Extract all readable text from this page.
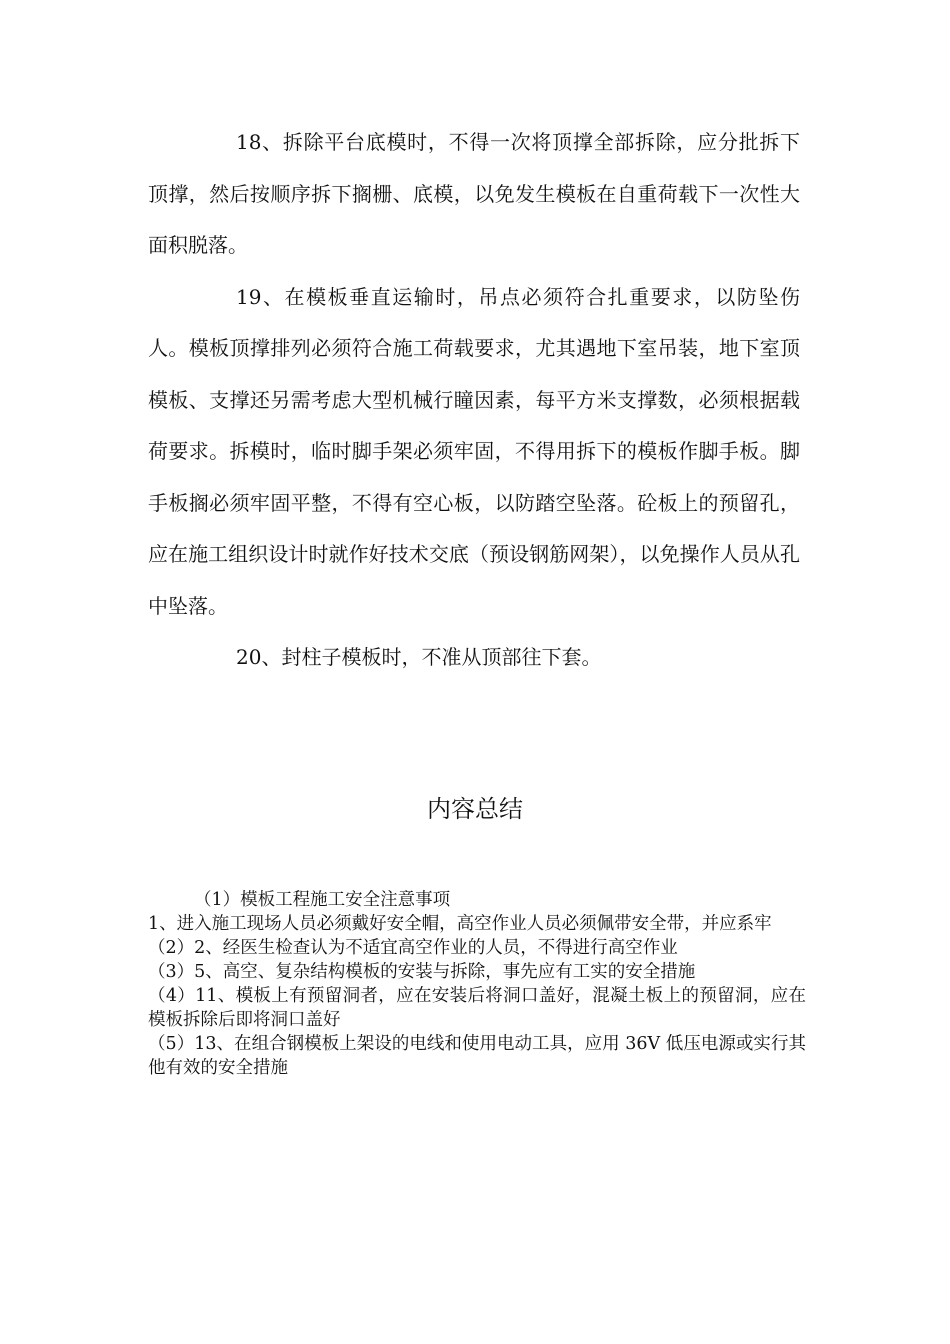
18、拆除平台底模时，不得一次将顶撑全部拆除，应分批拆下顶撑，然后按顺序拆下搁栅、底模，以免发生模板在自重荷载下一次性大面积脱落。

19、在模板垂直运输时，吊点必须符合扎重要求，以防坠伤人。模板顶撑排列必须符合施工荷载要求，尤其遇地下室吊装，地下室顶模板、支撑还另需考虑大型机械行瞳因素，每平方米支撑数，必须根据载荷要求。拆模时，临时脚手架必须牢固，不得用拆下的模板作脚手板。脚手板搁必须牢固平整，不得有空心板，以防踏空坠落。砼板上的预留孔，应在施工组织设计时就作好技术交底（预设钢筋网架），以免操作人员从孔中坠落。

20、封柱子模板时，不准从顶部往下套。

内容总结

（1）模板工程施工安全注意事项

1、进入施工现场人员必须戴好安全帽，高空作业人员必须佩带安全带，并应系牢

（2）2、经医生检查认为不适宜高空作业的人员，不得进行高空作业

（3）5、高空、复杂结构模板的安装与拆除，事先应有工实的安全措施

（4）11、模板上有预留洞者，应在安装后将洞口盖好，混凝土板上的预留洞，应在模板拆除后即将洞口盖好

（5）13、在组合钢模板上架设的电线和使用电动工具，应用 36V 低压电源或实行其他有效的安全措施
